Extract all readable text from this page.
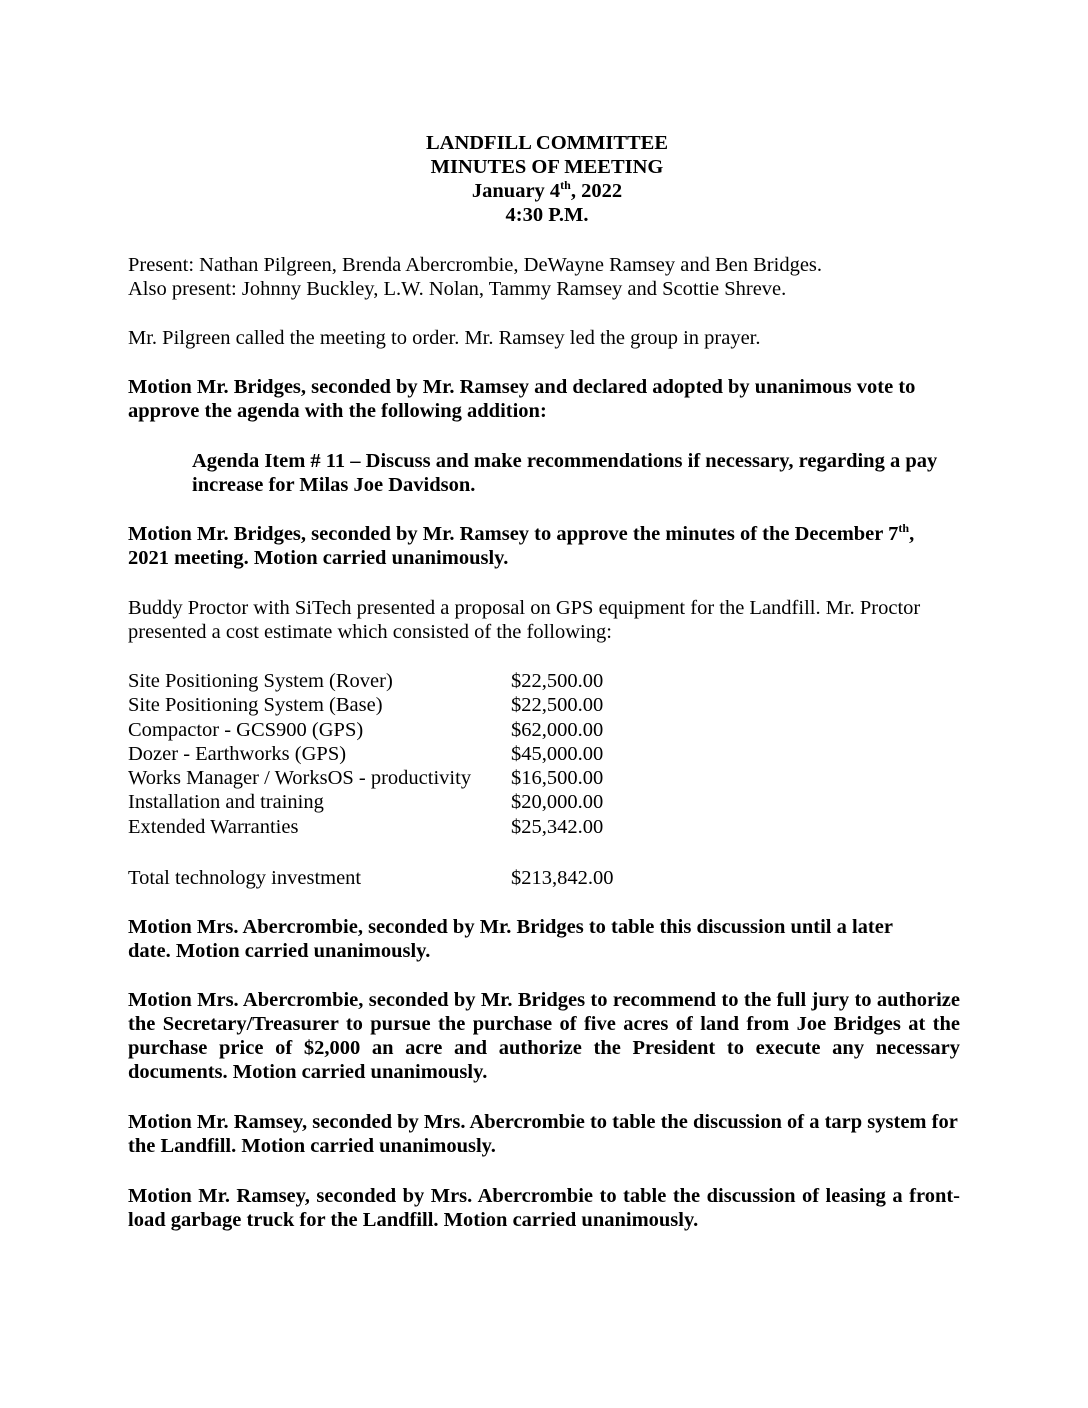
LANDFILL COMMITTEE
MINUTES OF MEETING
January 4th, 2022
4:30 P.M.
Present: Nathan Pilgreen, Brenda Abercrombie, DeWayne Ramsey and Ben Bridges.
Also present: Johnny Buckley, L.W. Nolan, Tammy Ramsey and Scottie Shreve.
Mr. Pilgreen called the meeting to order. Mr. Ramsey led the group in prayer.
Motion Mr. Bridges, seconded by Mr. Ramsey and declared adopted by unanimous vote to approve the agenda with the following addition:
Agenda Item # 11 – Discuss and make recommendations if necessary, regarding a pay increase for Milas Joe Davidson.
Motion Mr. Bridges, seconded by Mr. Ramsey to approve the minutes of the December 7th, 2021 meeting. Motion carried unanimously.
Buddy Proctor with SiTech presented a proposal on GPS equipment for the Landfill. Mr. Proctor presented a cost estimate which consisted of the following:
Site Positioning System (Rover)	$22,500.00
Site Positioning System (Base)	$22,500.00
Compactor - GCS900 (GPS)	$62,000.00
Dozer - Earthworks (GPS)	$45,000.00
Works Manager / WorksOS - productivity	$16,500.00
Installation and training	$20,000.00
Extended Warranties	$25,342.00
Total technology investment	$213,842.00
Motion Mrs. Abercrombie, seconded by Mr. Bridges to table this discussion until a later date. Motion carried unanimously.
Motion Mrs. Abercrombie, seconded by Mr. Bridges to recommend to the full jury to authorize the Secretary/Treasurer to pursue the purchase of five acres of land from Joe Bridges at the purchase price of $2,000 an acre and authorize the President to execute any necessary documents. Motion carried unanimously.
Motion Mr. Ramsey, seconded by Mrs. Abercrombie to table the discussion of a tarp system for the Landfill. Motion carried unanimously.
Motion Mr. Ramsey, seconded by Mrs. Abercrombie to table the discussion of leasing a front-load garbage truck for the Landfill. Motion carried unanimously.
